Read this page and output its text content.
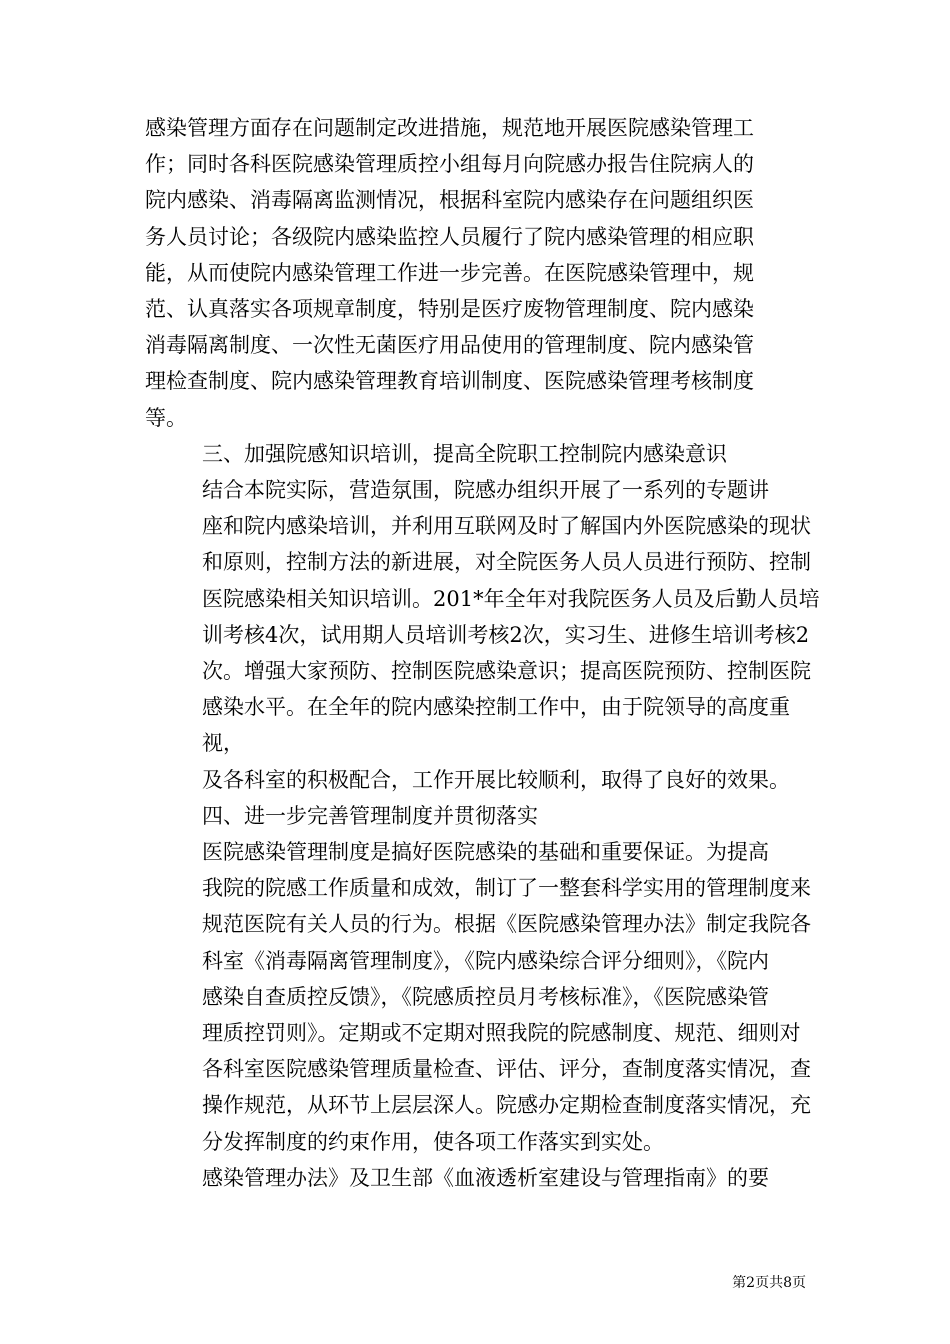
感染管理方面存在问题制定改进措施，规范地开展医院感染管理工
作；同时各科医院感染管理质控小组每月向院感办报告住院病人的
院内感染、消毒隔离监测情况，根据科室院内感染存在问题组织医
务人员讨论；各级院内感染监控人员履行了院内感染管理的相应职
能，从而使院内感染管理工作进一步完善。在医院感染管理中，规
范、认真落实各项规章制度，特别是医疗废物管理制度、院内感染
消毒隔离制度、一次性无菌医疗用品使用的管理制度、院内感染管
理检查制度、院内感染管理教育培训制度、医院感染管理考核制度
等。

三、加强院感知识培训，提高全院职工控制院内感染意识

结合本院实际，营造氛围，院感办组织开展了一系列的专题讲
座和院内感染培训，并利用互联网及时了解国内外医院感染的现状
和原则，控制方法的新进展，对全院医务人员人员进行预防、控制
医院感染相关知识培训。201*年全年对我院医务人员及后勤人员培
训考核4次，试用期人员培训考核2次，实习生、进修生培训考核2
次。增强大家预防、控制医院感染意识；提高医院预防、控制医院
感染水平。在全年的院内感染控制工作中，由于院领导的高度重视，
及各科室的积极配合，工作开展比较顺利，取得了良好的效果。

四、进一步完善管理制度并贯彻落实

医院感染管理制度是搞好医院感染的基础和重要保证。为提高
我院的院感工作质量和成效，制订了一整套科学实用的管理制度来
规范医院有关人员的行为。根据《医院感染管理办法》制定我院各
科室《消毒隔离管理制度》，《院内感染综合评分细则》，《院内
感染自查质控反馈》，《院感质控员月考核标准》，《医院感染管
理质控罚则》。定期或不定期对照我院的院感制度、规范、细则对
各科室医院感染管理质量检查、评估、评分，查制度落实情况，查
操作规范，从环节上层层深人。院感办定期检查制度落实情况，充
分发挥制度的约束作用，使各项工作落实到实处。

感染管理办法》及卫生部《血液透析室建设与管理指南》的要

第2页共8页
